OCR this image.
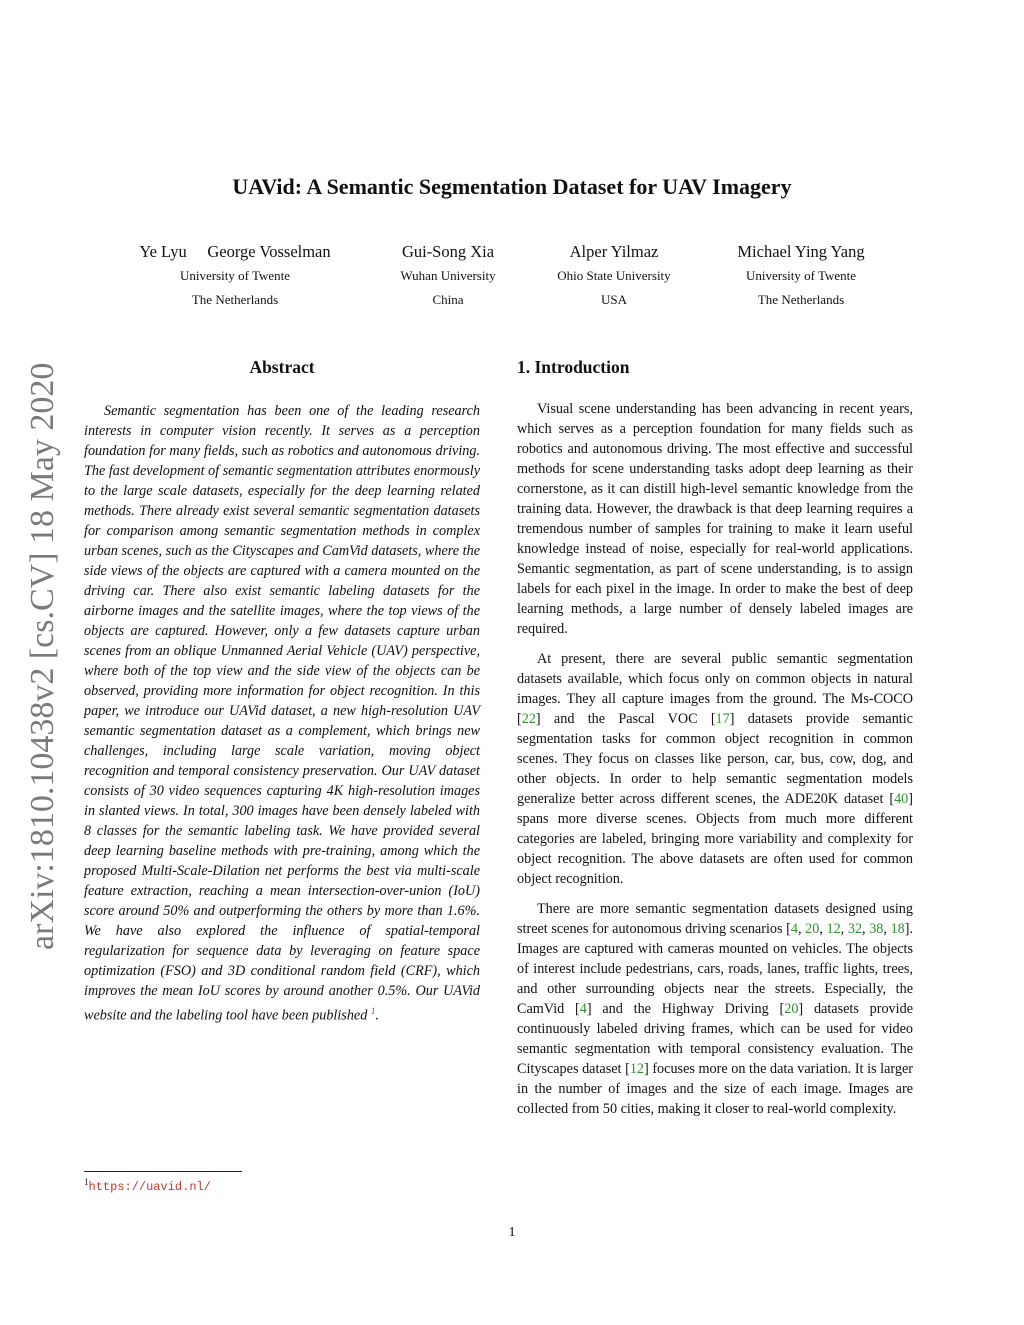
arXiv:1810.10438v2 [cs.CV] 18 May 2020
UAVid: A Semantic Segmentation Dataset for UAV Imagery
Ye Lyu     George Vosselman
University of Twente
The Netherlands
Gui-Song Xia
Wuhan University
China
Alper Yilmaz
Ohio State University
USA
Michael Ying Yang
University of Twente
The Netherlands
Abstract

Semantic segmentation has been one of the leading research interests in computer vision recently. It serves as a perception foundation for many fields, such as robotics and autonomous driving. The fast development of semantic segmentation attributes enormously to the large scale datasets, especially for the deep learning related methods. There already exist several semantic segmentation datasets for comparison among semantic segmentation methods in complex urban scenes, such as the Cityscapes and CamVid datasets, where the side views of the objects are captured with a camera mounted on the driving car. There also exist semantic labeling datasets for the airborne images and the satellite images, where the top views of the objects are captured. However, only a few datasets capture urban scenes from an oblique Unmanned Aerial Vehicle (UAV) perspective, where both of the top view and the side view of the objects can be observed, providing more information for object recognition. In this paper, we introduce our UAVid dataset, a new high-resolution UAV semantic segmentation dataset as a complement, which brings new challenges, including large scale variation, moving object recognition and temporal consistency preservation. Our UAV dataset consists of 30 video sequences capturing 4K high-resolution images in slanted views. In total, 300 images have been densely labeled with 8 classes for the semantic labeling task. We have provided several deep learning baseline methods with pre-training, among which the proposed Multi-Scale-Dilation net performs the best via multi-scale feature extraction, reaching a mean intersection-over-union (IoU) score around 50% and outperforming the others by more than 1.6%. We have also explored the influence of spatial-temporal regularization for sequence data by leveraging on feature space optimization (FSO) and 3D conditional random field (CRF), which improves the mean IoU scores by around another 0.5%. Our UAVid website and the labeling tool have been published $^1$.

$^1$https://uavid.nl/
1. Introduction

Visual scene understanding has been advancing in recent years, which serves as a perception foundation for many fields such as robotics and autonomous driving. The most effective and successful methods for scene understanding tasks adopt deep learning as their cornerstone, as it can distill high-level semantic knowledge from the training data. However, the drawback is that deep learning requires a tremendous number of samples for training to make it learn useful knowledge instead of noise, especially for real-world applications. Semantic segmentation, as part of scene understanding, is to assign labels for each pixel in the image. In order to make the best of deep learning methods, a large number of densely labeled images are required.

At present, there are several public semantic segmentation datasets available, which focus only on common objects in natural images. They all capture images from the ground. The Ms-COCO [22] and the Pascal VOC [17] datasets provide semantic segmentation tasks for common object recognition in common scenes. They focus on classes like person, car, bus, cow, dog, and other objects. In order to help semantic segmentation models generalize better across different scenes, the ADE20K dataset [40] spans more diverse scenes. Objects from much more different categories are labeled, bringing more variability and complexity for object recognition. The above datasets are often used for common object recognition.

There are more semantic segmentation datasets designed using street scenes for autonomous driving scenarios [4, 20, 12, 32, 38, 18]. Images are captured with cameras mounted on vehicles. The objects of interest include pedestrians, cars, roads, lanes, traffic lights, trees, and other surrounding objects near the streets. Especially, the CamVid [4] and the Highway Driving [20] datasets provide continuously labeled driving frames, which can be used for video semantic segmentation with temporal consistency evaluation. The Cityscapes dataset [12] focuses more on the data variation. It is larger in the number of images and the size of each image. Images are collected from 50 cities, making it closer to real-world complexity.

1
